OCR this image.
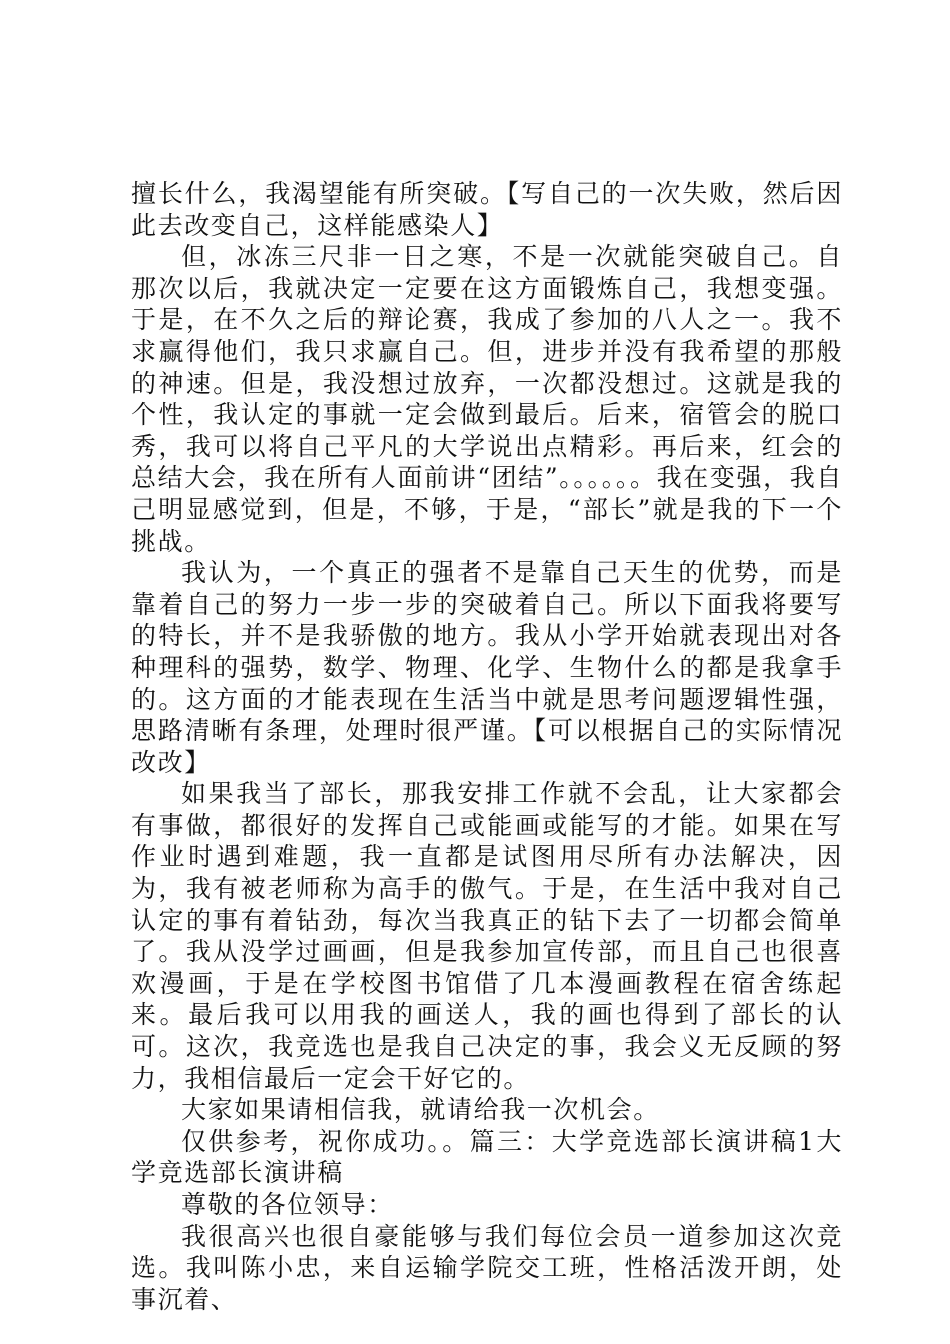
擅长什么，我渴望能有所突破。【写自己的一次失败，然后因此去改变自己，这样能感染人】

但，冰冻三尺非一日之寒，不是一次就能突破自己。自那次以后，我就决定一定要在这方面锻炼自己，我想变强。于是，在不久之后的辩论赛，我成了参加的八人之一。我不求赢得他们，我只求赢自己。但，进步并没有我希望的那般的神速。但是，我没想过放弃，一次都没想过。这就是我的个性，我认定的事就一定会做到最后。后来，宿管会的脱口秀，我可以将自己平凡的大学说出点精彩。再后来，红会的总结大会，我在所有人面前讲“团结”。。。。。。我在变强，我自己明显感觉到，但是，不够，于是，“部长”就是我的下一个挑战。

我认为，一个真正的强者不是靠自己天生的优势，而是靠着自己的努力一步一步的突破着自己。所以下面我将要写的特长，并不是我骄傲的地方。我从小学开始就表现出对各种理科的强势，数学、物理、化学、生物什么的都是我拿手的。这方面的才能表现在生活当中就是思考问题逻辑性强，思路清晰有条理，处理时很严谨。【可以根据自己的实际情况改改】

如果我当了部长，那我安排工作就不会乱，让大家都会有事做，都很好的发挥自己或能画或能写的才能。如果在写作业时遇到难题，我一直都是试图用尽所有办法解决，因为，我有被老师称为高手的傲气。于是，在生活中我对自己认定的事有着钻劲，每次当我真正的钻下去了一切都会简单了。我从没学过画画，但是我参加宣传部，而且自己也很喜欢漫画，于是在学校图书馆借了几本漫画教程在宿舍练起来。最后我可以用我的画送人，我的画也得到了部长的认可。这次，我竞选也是我自己决定的事，我会义无反顾的努力，我相信最后一定会干好它的。

大家如果请相信我，就请给我一次机会。

仅供参考，祝你成功。。篇三：大学竞选部长演讲稿1大学竞选部长演讲稿

尊敬的各位领导：

我很高兴也很自豪能够与我们每位会员一道参加这次竞选。我叫陈小忠，来自运输学院交工班，性格活泼开朗，处事沉着、
